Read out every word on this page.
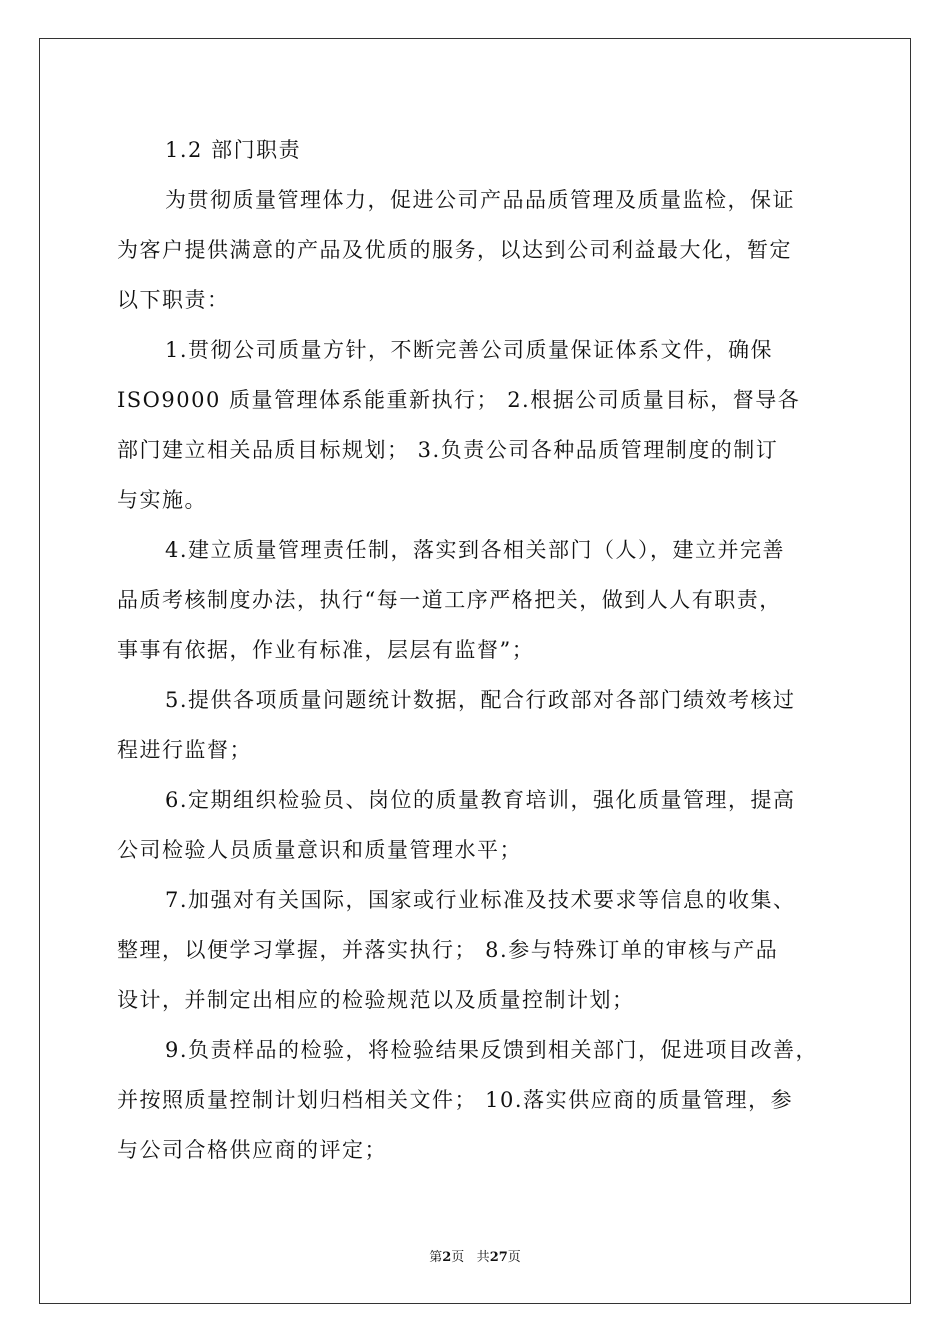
1.2 部门职责
为贯彻质量管理体力，促进公司产品品质管理及质量监检，保证
为客户提供满意的产品及优质的服务，以达到公司利益最大化，暂定
以下职责：
1.贯彻公司质量方针，不断完善公司质量保证体系文件，确保
ISO9000 质量管理体系能重新执行； 2.根据公司质量目标，督导各
部门建立相关品质目标规划； 3.负责公司各种品质管理制度的制订
与实施。
4.建立质量管理责任制，落实到各相关部门（人），建立并完善
品质考核制度办法，执行“每一道工序严格把关，做到人人有职责，
事事有依据，作业有标准，层层有监督”；
5.提供各项质量问题统计数据，配合行政部对各部门绩效考核过
程进行监督；
6.定期组织检验员、岗位的质量教育培训，强化质量管理，提高
公司检验人员质量意识和质量管理水平；
7.加强对有关国际，国家或行业标准及技术要求等信息的收集、
整理，以便学习掌握，并落实执行； 8.参与特殊订单的审核与产品
设计，并制定出相应的检验规范以及质量控制计划；
9.负责样品的检验，将检验结果反馈到相关部门，促进项目改善，
并按照质量控制计划归档相关文件； 10.落实供应商的质量管理，参
与公司合格供应商的评定；
第2页 共27页
